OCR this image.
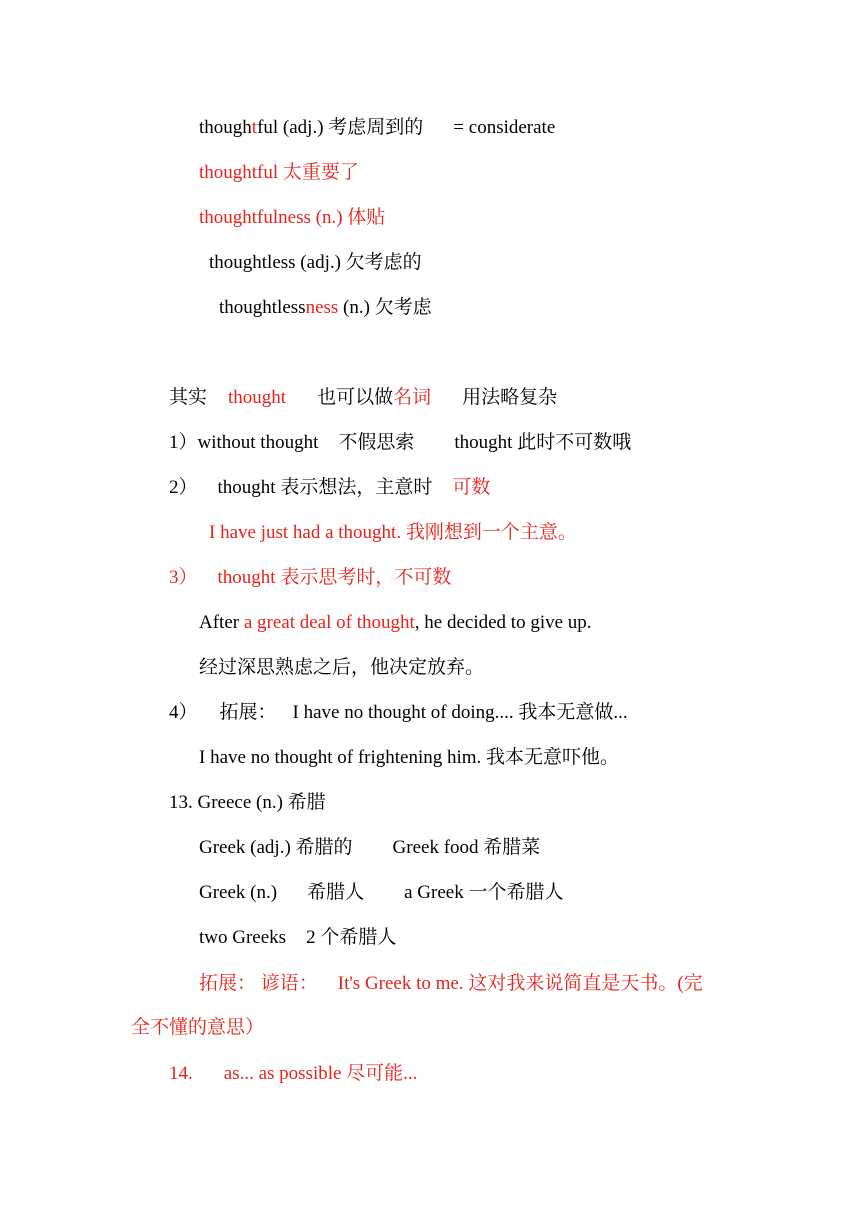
thoughtful (adj.) 考虑周到的 = considerate
thoughtful 太重要了
thoughtfulness (n.) 体贴
thoughtless (adj.) 欠考虑的
thoughtlessness (n.) 欠考虑
其实 thought 也可以做名词 用法略复杂
1）without thought 不假思索 thought 此时不可数哦
2） thought 表示想法，主意时 可数
I have just had a thought. 我刚想到一个主意。
3） thought 表示思考时，不可数
After a great deal of thought, he decided to give up.
经过深思熟虑之后，他决定放弃。
4） 拓展： I have no thought of doing.... 我本无意做...
I have no thought of frightening him. 我本无意吓他。
13. Greece (n.) 希腊
Greek (adj.) 希腊的 Greek food 希腊菜
Greek (n.) 希腊人 a Greek 一个希腊人
two Greeks 2 个希腊人
拓展： 谚语： It's Greek to me. 这对我来说简直是天书。(完
全不懂的意思）
14. as... as possible 尽可能...
